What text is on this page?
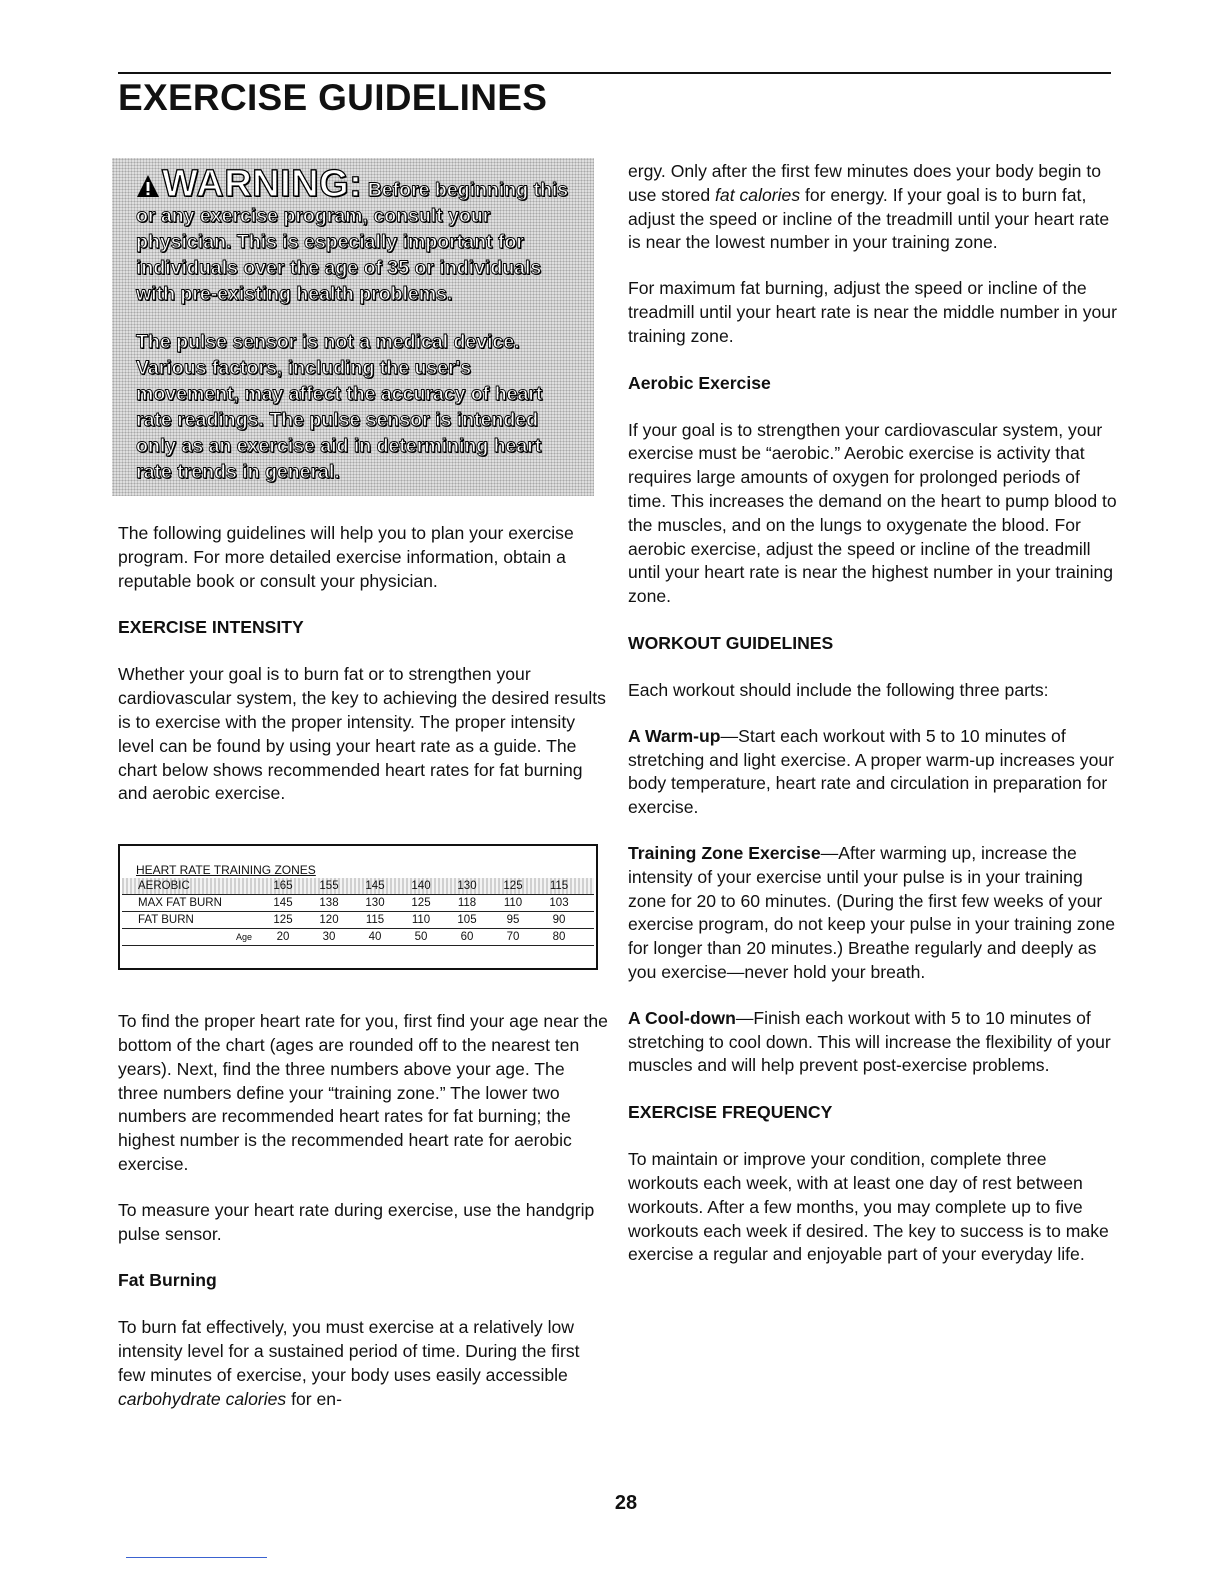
EXERCISE GUIDELINES

WARNING: Before beginning this or any exercise program, consult your physician. This is especially important for individuals over the age of 35 or individuals with pre-existing health problems.

The pulse sensor is not a medical device. Various factors, including the user's movement, may affect the accuracy of heart rate readings. The pulse sensor is intended only as an exercise aid in determining heart rate trends in general.

The following guidelines will help you to plan your exercise program. For more detailed exercise information, obtain a reputable book or consult your physician.

EXERCISE INTENSITY

Whether your goal is to burn fat or to strengthen your cardiovascular system, the key to achieving the desired results is to exercise with the proper intensity. The proper intensity level can be found by using your heart rate as a guide. The chart below shows recommended heart rates for fat burning and aerobic exercise.

HEART RATE TRAINING ZONES
AEROBIC	165	155	145	140	130	125	115
MAX FAT BURN	145	138	130	125	118	110	103
FAT BURN	125	120	115	110	105	95	90
Age	20	30	40	50	60	70	80

To find the proper heart rate for you, first find your age near the bottom of the chart (ages are rounded off to the nearest ten years). Next, find the three numbers above your age. The three numbers define your “training zone.” The lower two numbers are recommended heart rates for fat burning; the highest number is the recommended heart rate for aerobic exercise.

To measure your heart rate during exercise, use the handgrip pulse sensor.

Fat Burning

To burn fat effectively, you must exercise at a relatively low intensity level for a sustained period of time. During the first few minutes of exercise, your body uses easily accessible carbohydrate calories for en-

ergy. Only after the first few minutes does your body begin to use stored fat calories for energy. If your goal is to burn fat, adjust the speed or incline of the treadmill until your heart rate is near the lowest number in your training zone.

For maximum fat burning, adjust the speed or incline of the treadmill until your heart rate is near the middle number in your training zone.

Aerobic Exercise

If your goal is to strengthen your cardiovascular system, your exercise must be “aerobic.” Aerobic exercise is activity that requires large amounts of oxygen for prolonged periods of time. This increases the demand on the heart to pump blood to the muscles, and on the lungs to oxygenate the blood. For aerobic exercise, adjust the speed or incline of the treadmill until your heart rate is near the highest number in your training zone.

WORKOUT GUIDELINES

Each workout should include the following three parts:

A Warm-up—Start each workout with 5 to 10 minutes of stretching and light exercise. A proper warm-up increases your body temperature, heart rate and circulation in preparation for exercise.

Training Zone Exercise—After warming up, increase the intensity of your exercise until your pulse is in your training zone for 20 to 60 minutes. (During the first few weeks of your exercise program, do not keep your pulse in your training zone for longer than 20 minutes.) Breathe regularly and deeply as you exercise—never hold your breath.

A Cool-down—Finish each workout with 5 to 10 minutes of stretching to cool down. This will increase the flexibility of your muscles and will help prevent post-exercise problems.

EXERCISE FREQUENCY

To maintain or improve your condition, complete three workouts each week, with at least one day of rest between workouts. After a few months, you may complete up to five workouts each week if desired. The key to success is to make exercise a regular and enjoyable part of your everyday life.

28
